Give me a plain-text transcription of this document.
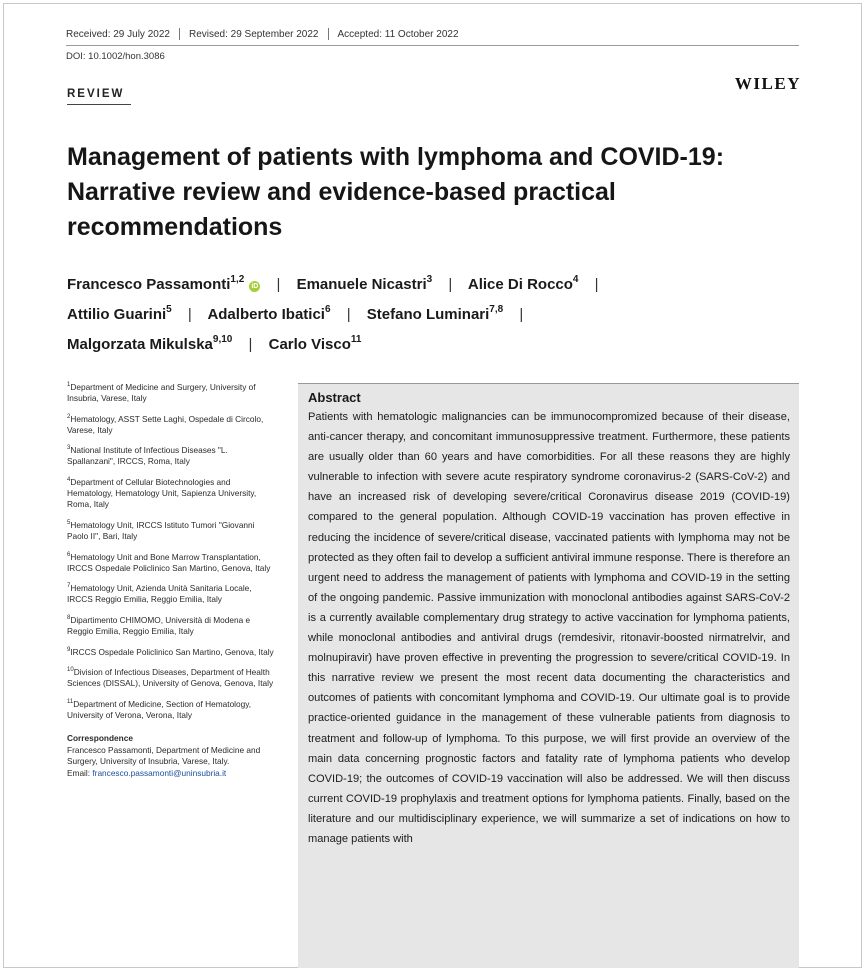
Received: 29 July 2022 Revised: 29 September 2022 Accepted: 11 October 2022
DOI: 10.1002/hon.3086
WILEY
REVIEW
Management of patients with lymphoma and COVID-19: Narrative review and evidence-based practical recommendations
Francesco Passamonti$^{1,2}$iD | Emanuele Nicastri$^3$ | Alice Di Rocco$^4$ |
Attilio Guarini$^5$ | Adalberto Ibatici$^6$ | Stefano Luminari$^{7,8}$ |
Malgorzata Mikulska$^{9,10}$ | Carlo Visco$^{11}$
$^1$Department of Medicine and Surgery, University of Insubria, Varese, Italy
$^2$Hematology, ASST Sette Laghi, Ospedale di Circolo, Varese, Italy
$^3$National Institute of Infectious Diseases "L. Spallanzani", IRCCS, Roma, Italy
$^4$Department of Cellular Biotechnologies and Hematology, Hematology Unit, Sapienza University, Roma, Italy
$^5$Hematology Unit, IRCCS Istituto Tumori "Giovanni Paolo II", Bari, Italy
$^6$Hematology Unit and Bone Marrow Transplantation, IRCCS Ospedale Policlinico San Martino, Genova, Italy
$^7$Hematology Unit, Azienda Unità Sanitaria Locale, IRCCS Reggio Emilia, Reggio Emilia, Italy
$^8$Dipartimento CHIMOMO, Università di Modena e Reggio Emilia, Reggio Emilia, Italy
$^9$IRCCS Ospedale Policlinico San Martino, Genova, Italy
$^{10}$Division of Infectious Diseases, Department of Health Sciences (DISSAL), University of Genova, Genova, Italy
$^{11}$Department of Medicine, Section of Hematology, University of Verona, Verona, Italy
Correspondence
Francesco Passamonti, Department of Medicine and Surgery, University of Insubria, Varese, Italy.
Email: francesco.passamonti@uninsubria.it
Abstract

Patients with hematologic malignancies can be immunocompromized because of their disease, anti-cancer therapy, and concomitant immunosuppressive treatment. Furthermore, these patients are usually older than 60 years and have comorbidities. For all these reasons they are highly vulnerable to infection with severe acute respiratory syndrome coronavirus-2 (SARS-CoV-2) and have an increased risk of developing severe/critical Coronavirus disease 2019 (COVID-19) compared to the general population. Although COVID-19 vaccination has proven effective in reducing the incidence of severe/critical disease, vaccinated patients with lymphoma may not be protected as they often fail to develop a sufficient antiviral immune response. There is therefore an urgent need to address the management of patients with lymphoma and COVID-19 in the setting of the ongoing pandemic. Passive immunization with monoclonal antibodies against SARS-CoV-2 is a currently available complementary drug strategy to active vaccination for lymphoma patients, while monoclonal antibodies and antiviral drugs (remdesivir, ritonavir-boosted nirmatrelvir, and molnupiravir) have proven effective in preventing the progression to severe/critical COVID-19. In this narrative review we present the most recent data documenting the characteristics and outcomes of patients with concomitant lymphoma and COVID-19. Our ultimate goal is to provide practice-oriented guidance in the management of these vulnerable patients from diagnosis to treatment and follow-up of lymphoma. To this purpose, we will first provide an overview of the main data concerning prognostic factors and fatality rate of lymphoma patients who develop COVID-19; the outcomes of COVID-19 vaccination will also be addressed. We will then discuss current COVID-19 prophylaxis and treatment options for lymphoma patients. Finally, based on the literature and our multidisciplinary experience, we will summarize a set of indications on how to manage patients with
